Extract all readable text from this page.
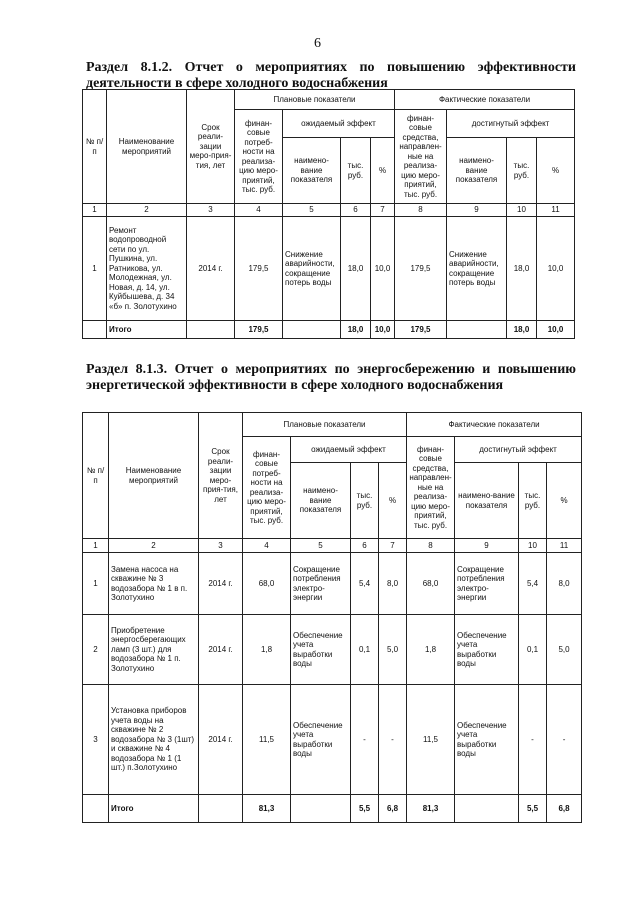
6
Раздел 8.1.2. Отчет о мероприятиях по повышению эффективности деятельности в сфере холодного водоснабжения
№ п/п	Наименование мероприятий	Срок реали-зации меро-прия-тия, лет	Плановые показатели				Фактические показатели			
			финан-совые потреб-ности на реализа-цию меро-приятий, тыс. руб.	ожидаемый эффект			финан-совые средства, направлен-ные на реализа-цию меро-приятий, тыс. руб.	достигнутый эффект		
				наимено-вание показателя	тыс. руб.	%		наимено-вание показателя	тыс. руб.	%
1	2	3	4	5	6	7	8	9	10	11
1	Ремонт водопроводной сети по ул. Пушкина, ул. Ратникова, ул. Молодежная, ул. Новая, д. 14, ул. Куйбышева, д. 34 «б» п. Золотухино	2014 г.	179,5	Снижение аварийности, сокращение потерь воды	18,0	10,0	179,5	Снижение аварийности, сокращение потерь воды	18,0	10,0
	Итого		179,5		18,0	10,0	179,5		18,0	10,0
Раздел 8.1.3. Отчет о мероприятиях по энергосбережению и повышению энергетической эффективности в сфере холодного водоснабжения
№ п/п	Наименование мероприятий	Срок реали-зации меро-прия-тия, лет	Плановые показатели				Фактические показатели			
			финан-совые потреб-ности на реализа-цию меро-приятий, тыс. руб.	ожидаемый эффект			финан-совые средства, направлен-ные на реализа-цию меро-приятий, тыс. руб.	достигнутый эффект		
				наимено-вание показателя	тыс. руб.	%		наимено-вание показателя	тыс. руб.	%
1	2	3	4	5	6	7	8	9	10	11
1	Замена насоса на скважине № 3 водозабора № 1 в п. Золотухино	2014 г.	68,0	Сокращение потребления электро-энергии	5,4	8,0	68,0	Сокращение потребления электро-энергии	5,4	8,0
2	Приобретение энергосберегающих ламп (3 шт.) для водозабора № 1 п. Золотухино	2014 г.	1,8	Обеспечение учета выработки воды	0,1	5,0	1,8	Обеспечение учета выработки воды	0,1	5,0
3	Установка приборов учета воды на скважине № 2 водозабора № 3 (1шт) и скважине № 4 водозабора № 1 (1 шт.) п.Золотухино	2014 г.	11,5	Обеспечение учета выработки воды	-	-	11,5	Обеспечение учета выработки воды	-	-
	Итого		81,3		5,5	6,8	81,3		5,5	6,8
